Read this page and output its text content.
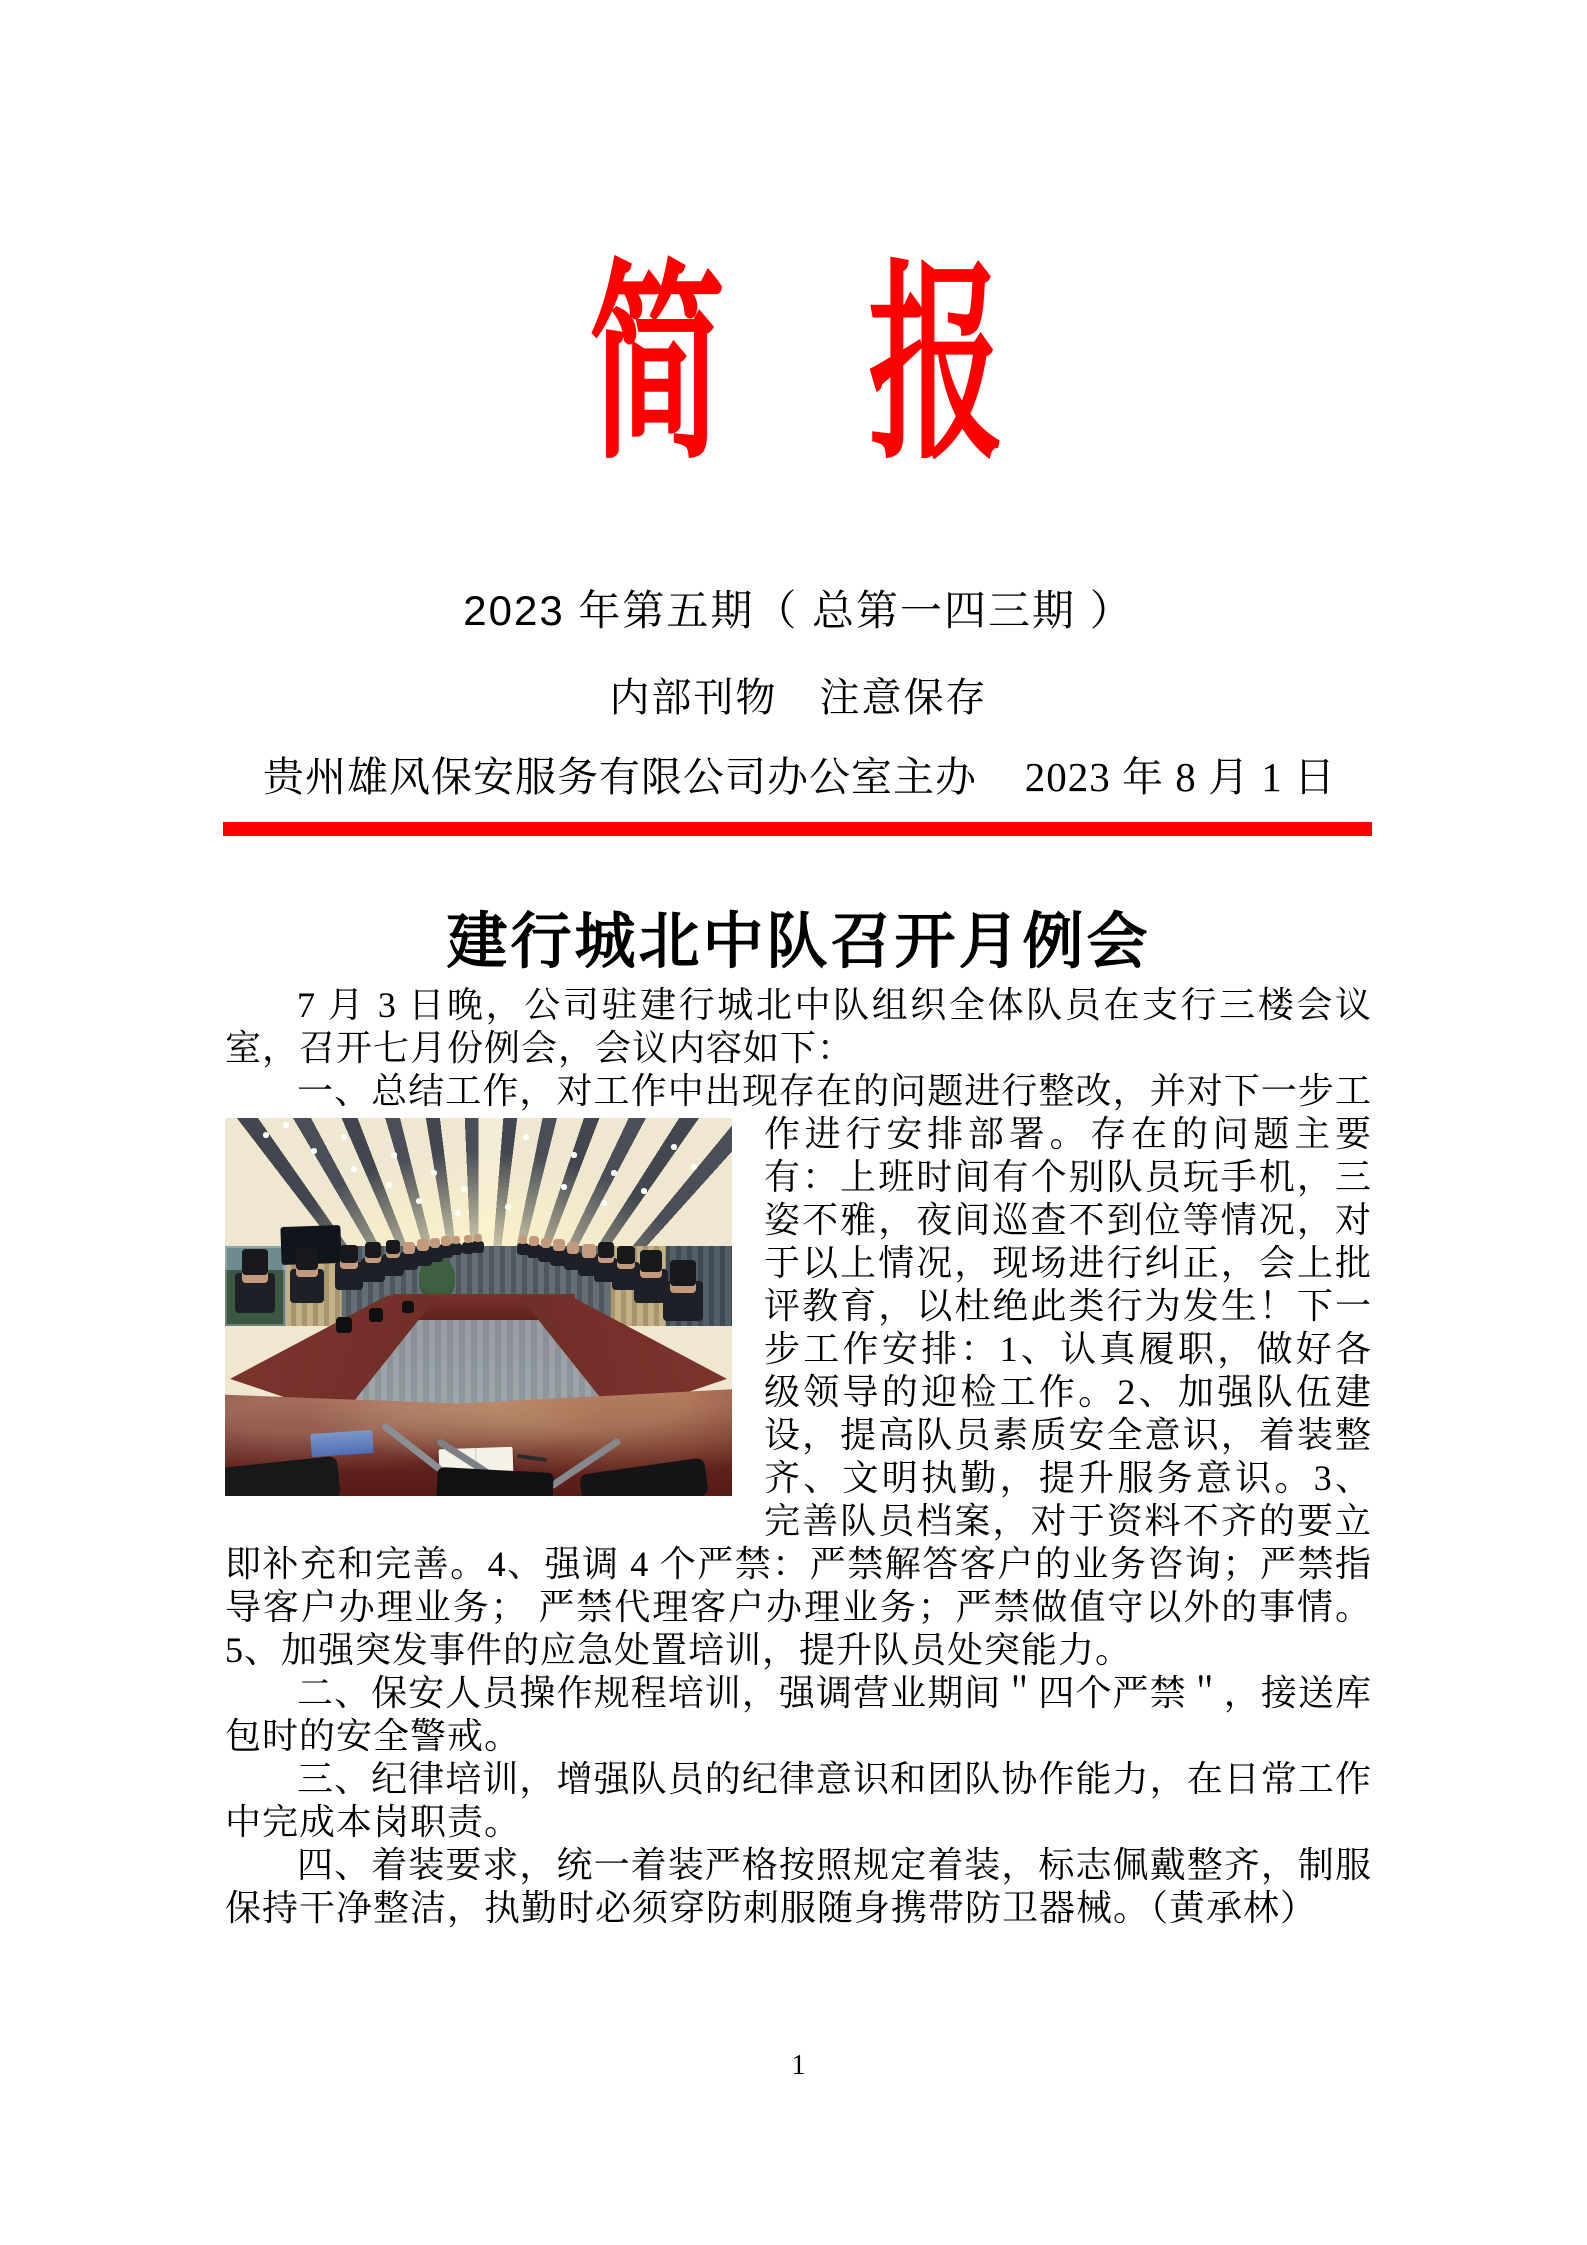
简　报
2023 年第五期（ 总第一四三期 ）
内部刊物　注意保存
贵州雄风保安服务有限公司办公室主办 2023 年 8 月 1 日
建行城北中队召开月例会

7 月 3 日晚，公司驻建行城北中队组织全体队员在支行三楼会议室，召开七月份例会，会议内容如下：

一、总结工作，对工作中出现存在的问题进行整改，并对下一步工作进行安
排部署。存在的问题主要有：上班时间有个别队员玩手机，三姿不雅，夜间巡查不到位等情况，对于以上情况，现场进行纠正，会上批评教育，以杜绝此类行为发生！下一步工作安排：1、认真履职，做好各级领导的迎检工作。2、加强队伍建设，提高队员素质安全意识，着装整齐、文明执勤，提升服务意识。3、完善队员档案，对于资料不齐的要立即补充和完善。4、强调 4 个严禁：严禁解答客户的业务咨询；严禁指导客户办理业务； 严禁代理客户办理业务；严禁做值守以外的事情。5、加强突发事件的应急处置培训，提升队员处突能力。

二、保安人员操作规程培训，强调营业期间＂四个严禁＂，接送库包时的安全警戒。

三、纪律培训，增强队员的纪律意识和团队协作能力，在日常工作中完成本岗职责。

四、着装要求，统一着装严格按照规定着装，标志佩戴整齐，制服保持干净整洁，执勤时必须穿防刺服随身携带防卫器械。（黄承林）

1
